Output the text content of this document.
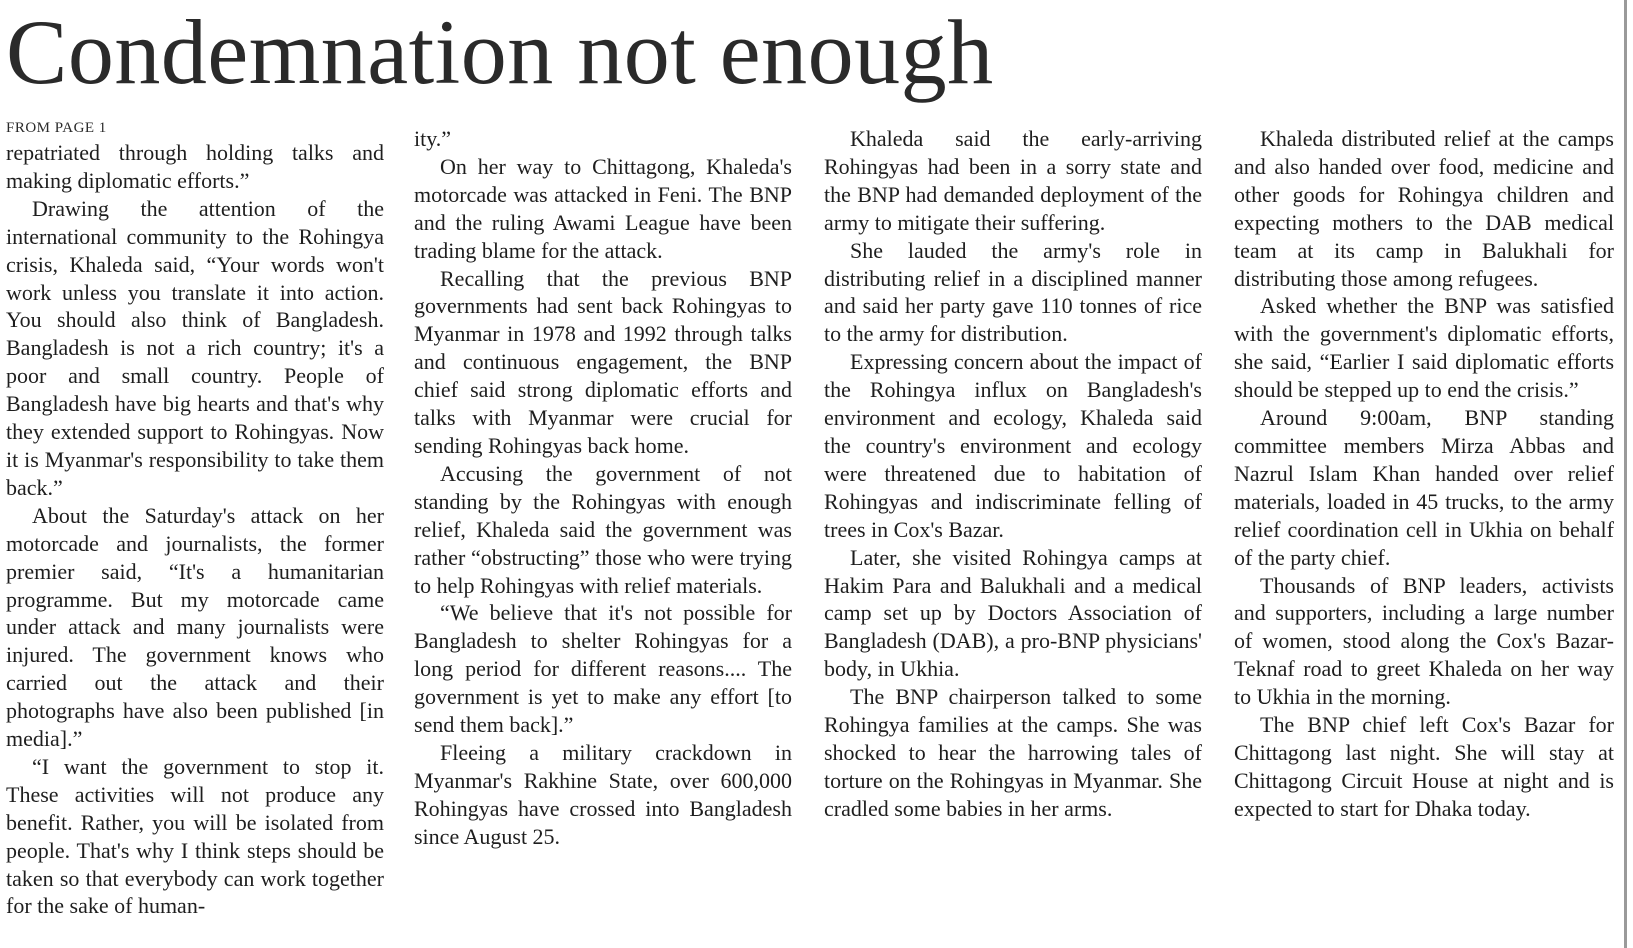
Condemnation not enough
FROM PAGE 1

repatriated through holding talks and making diplomatic efforts.”

Drawing the attention of the international community to the Rohingya crisis, Khaleda said, “Your words won't work unless you translate it into action. You should also think of Bangladesh. Bangladesh is not a rich country; it's a poor and small country. People of Bangladesh have big hearts and that's why they extended support to Rohingyas. Now it is Myanmar's responsibility to take them back.”

About the Saturday's attack on her motorcade and journalists, the former premier said, “It's a humanitarian programme. But my motorcade came under attack and many journalists were injured. The government knows who carried out the attack and their photographs have also been published [in media].”

“I want the government to stop it. These activities will not produce any benefit. Rather, you will be isolated from people. That's why I think steps should be taken so that everybody can work together for the sake of human-

ity.”

On her way to Chittagong, Khaleda's motorcade was attacked in Feni. The BNP and the ruling Awami League have been trading blame for the attack.

Recalling that the previous BNP governments had sent back Rohingyas to Myanmar in 1978 and 1992 through talks and continuous engagement, the BNP chief said strong diplomatic efforts and talks with Myanmar were crucial for sending Rohingyas back home.

Accusing the government of not standing by the Rohingyas with enough relief, Khaleda said the government was rather “obstructing” those who were trying to help Rohingyas with relief materials.

“We believe that it's not possible for Bangladesh to shelter Rohingyas for a long period for different reasons.... The government is yet to make any effort [to send them back].”

Fleeing a military crackdown in Myanmar's Rakhine State, over 600,000 Rohingyas have crossed into Bangladesh since August 25.

Khaleda said the early-arriving Rohingyas had been in a sorry state and the BNP had demanded deployment of the army to mitigate their suffering.

She lauded the army's role in distributing relief in a disciplined manner and said her party gave 110 tonnes of rice to the army for distribution.

Expressing concern about the impact of the Rohingya influx on Bangladesh's environment and ecology, Khaleda said the country's environment and ecology were threatened due to habitation of Rohingyas and indiscriminate felling of trees in Cox's Bazar.

Later, she visited Rohingya camps at Hakim Para and Balukhali and a medical camp set up by Doctors Association of Bangladesh (DAB), a pro-BNP physicians' body, in Ukhia.

The BNP chairperson talked to some Rohingya families at the camps. She was shocked to hear the harrowing tales of torture on the Rohingyas in Myanmar. She cradled some babies in her arms.

Khaleda distributed relief at the camps and also handed over food, medicine and other goods for Rohingya children and expecting mothers to the DAB medical team at its camp in Balukhali for distributing those among refugees.

Asked whether the BNP was satisfied with the government's diplomatic efforts, she said, “Earlier I said diplomatic efforts should be stepped up to end the crisis.”

Around 9:00am, BNP standing committee members Mirza Abbas and Nazrul Islam Khan handed over relief materials, loaded in 45 trucks, to the army relief coordination cell in Ukhia on behalf of the party chief.

Thousands of BNP leaders, activists and supporters, including a large number of women, stood along the Cox's Bazar-Teknaf road to greet Khaleda on her way to Ukhia in the morning.

The BNP chief left Cox's Bazar for Chittagong last night. She will stay at Chittagong Circuit House at night and is expected to start for Dhaka today.
